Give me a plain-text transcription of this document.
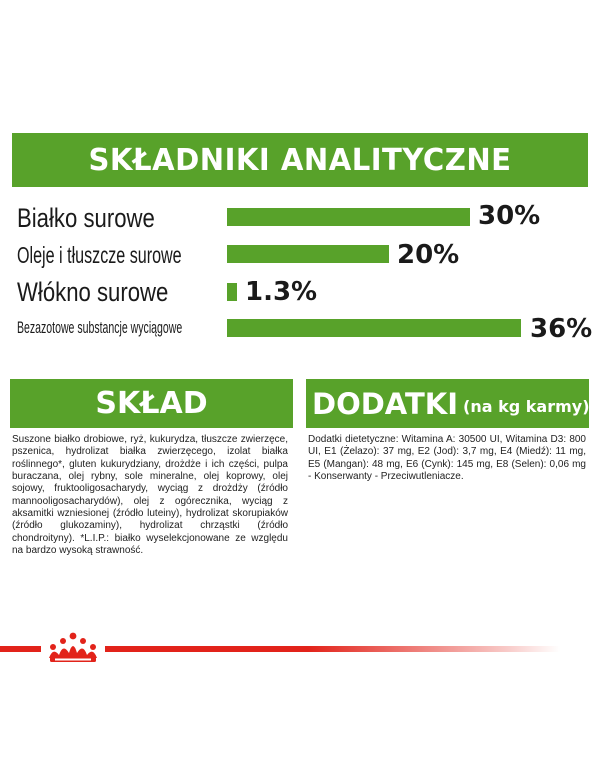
SKŁADNIKI ANALITYCZNE
Białko surowe	30%
Oleje i tłuszcze surowe	20%
Włókno surowe	1.3%
Bezazotowe substancje wyciągowe	36%
SKŁAD
Suszone białko drobiowe, ryż, kukurydza, tłuszcze zwierzęce, pszenica, hydrolizat białka zwierzęcego, izolat białka roślinnego*, gluten kukurydziany, drożdże i ich części, pulpa buraczana, olej rybny, sole mineralne, olej koprowy, olej sojowy, fruktooligosacharydy, wyciąg z drożdży (źródło mannooligosacharydów), olej z ogórecznika, wyciąg z aksamitki wzniesionej (źródło luteiny), hydrolizat skorupiaków (źródło glukozaminy), hydrolizat chrząstki (źródło chondroityny). *L.I.P.: białko wyselekcjonowane ze względu na bardzo wysoką strawność.
DODATKI (na kg karmy)
Dodatki dietetyczne: Witamina A: 30500 UI, Witamina D3: 800 UI, E1 (Żelazo): 37 mg, E2 (Jod): 3,7 mg, E4 (Miedź): 11 mg, E5 (Mangan): 48 mg, E6 (Cynk): 145 mg, E8 (Selen): 0,06 mg - Konserwanty - Przeciwutleniacze.
